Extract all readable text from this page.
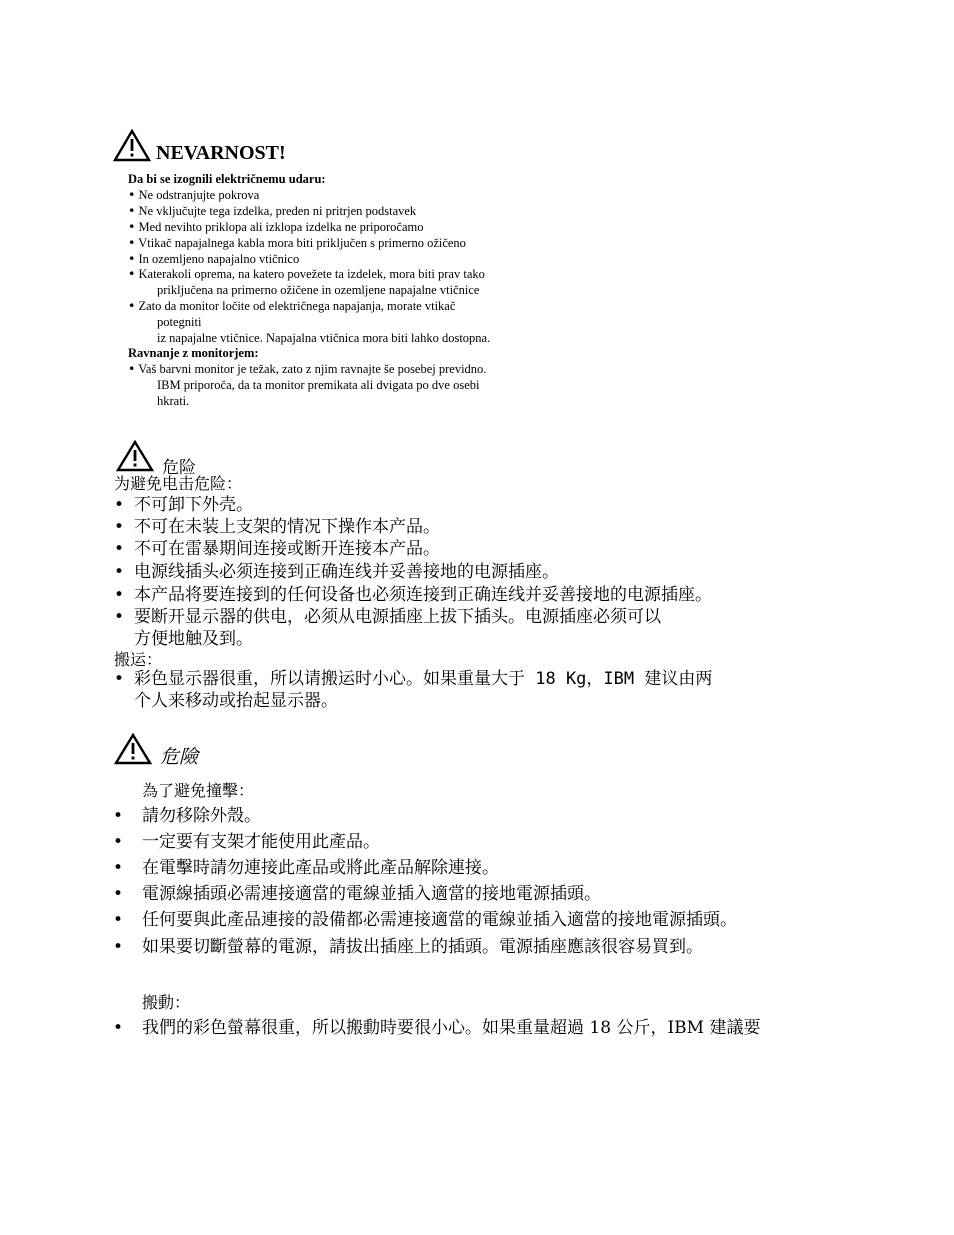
NEVARNOST!
Da bi se izognili električnemu udaru:
• Ne odstranjujte pokrova
• Ne vključujte tega izdelka, preden ni pritrjen podstavek
• Med nevihto priklopa ali izklopa izdelka ne priporočamo
• Vtikač napajalnega kabla mora biti priključen s primerno ožičeno
• In ozemljeno napajalno vtičnico
• Katerakoli oprema, na katero povežete ta izdelek, mora biti prav tako
priključena na primerno ožičene in ozemljene napajalne vtičnice
• Zato da monitor ločite od električnega napajanja, morate vtikač
potegniti
iz napajalne vtičnice. Napajalna vtičnica mora biti lahko dostopna.
Ravnanje z monitorjem:
• Vaš barvni monitor je težak, zato z njim ravnajte še posebej previdno.
IBM priporoča, da ta monitor premikata ali dvigata po dve osebi
hkrati.
危险
为避免电击危险：
• 不可卸下外壳。
• 不可在未装上支架的情况下操作本产品。
• 不可在雷暴期间连接或断开连接本产品。
• 电源线插头必须连接到正确连线并妥善接地的电源插座。
• 本产品将要连接到的任何设备也必须连接到正确连线并妥善接地的电源插座。
• 要断开显示器的供电，必须从电源插座上拔下插头。电源插座必须可以
方便地触及到。
搬运：
• 彩色显示器很重，所以请搬运时小心。如果重量大于 18 Kg，IBM 建议由两
个人来移动或抬起显示器。
危險
為了避免撞擊：
• 請勿移除外殼。
• 一定要有支架才能使用此產品。
• 在電擊時請勿連接此產品或將此產品解除連接。
• 電源線插頭必需連接適當的電線並插入適當的接地電源插頭。
• 任何要與此產品連接的設備都必需連接適當的電線並插入適當的接地電源插頭。
• 如果要切斷螢幕的電源，請拔出插座上的插頭。電源插座應該很容易買到。
搬動：
• 我們的彩色螢幕很重，所以搬動時要很小心。如果重量超過 18 公斤，IBM 建議要
